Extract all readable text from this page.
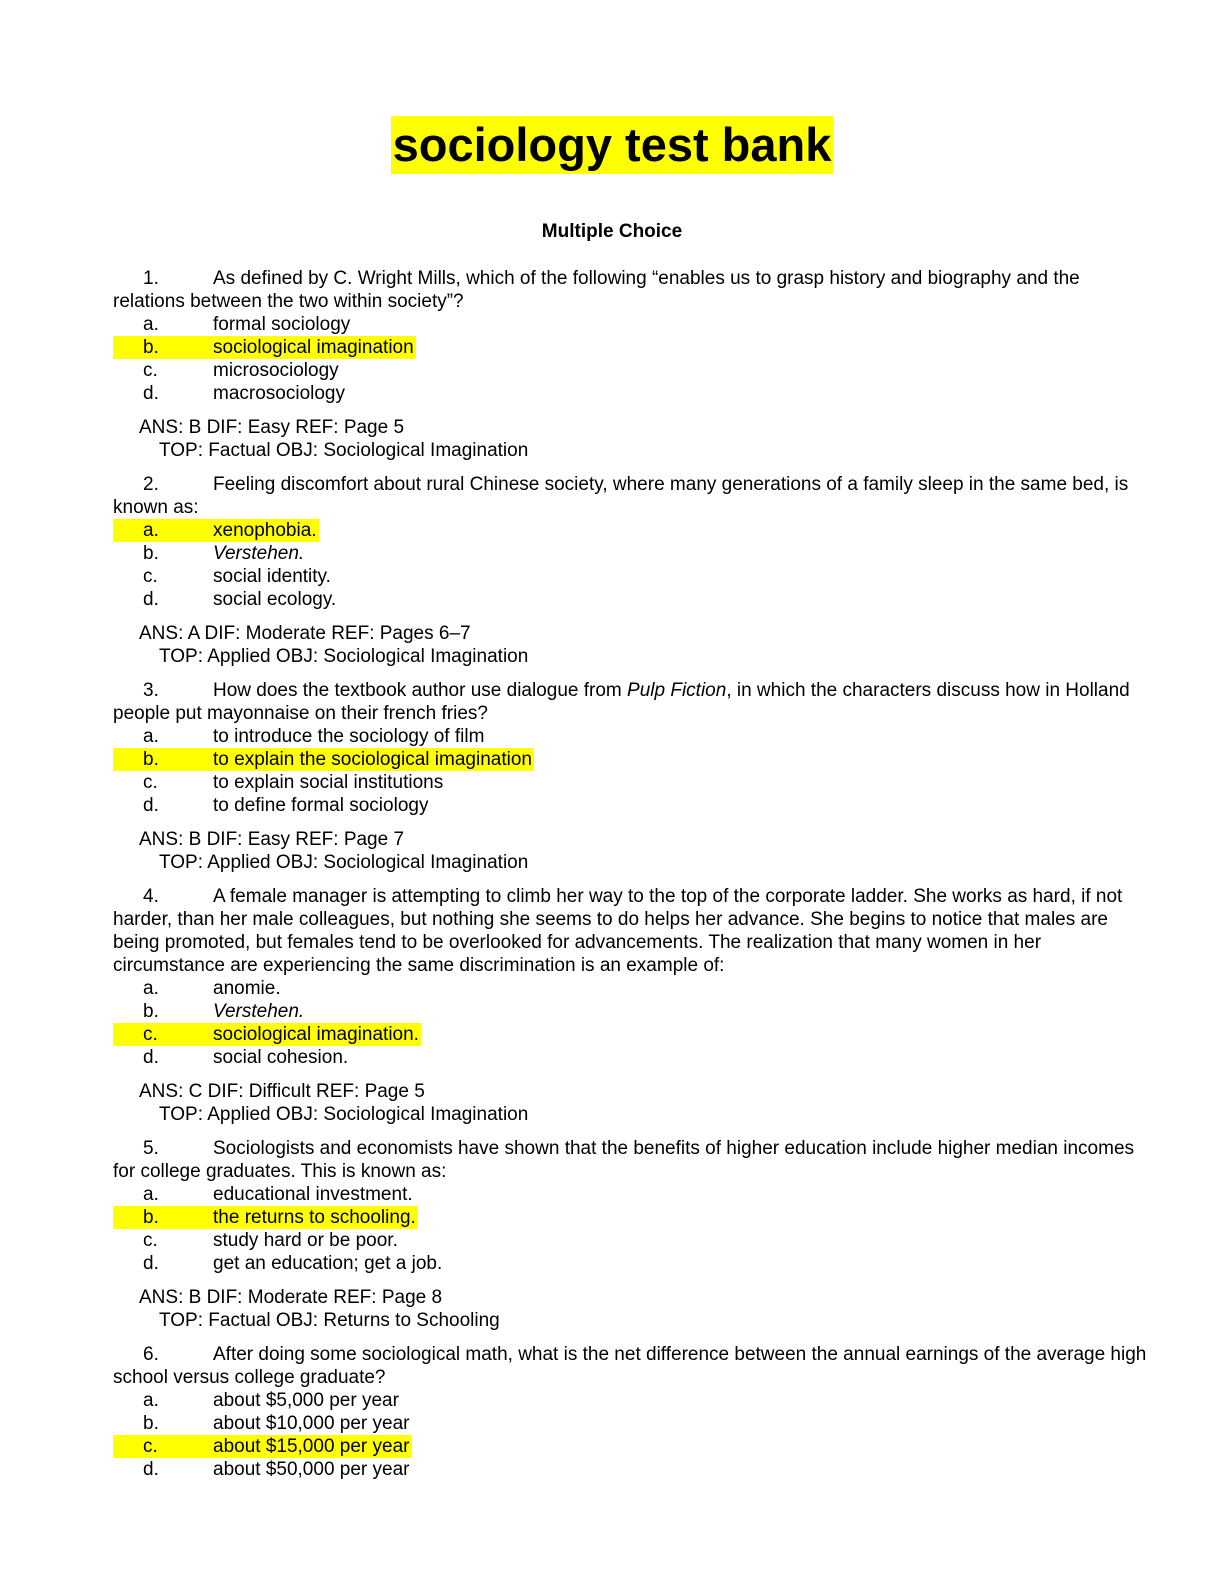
sociology test bank
Multiple Choice
1.	As defined by C. Wright Mills, which of the following “enables us to grasp history and biography and the relations between the two within society”?
a.	formal sociology
b.	sociological imagination
c.	microsociology
d.	macrosociology
ANS: B DIF: Easy REF: Page 5
TOP: Factual OBJ: Sociological Imagination
2.	Feeling discomfort about rural Chinese society, where many generations of a family sleep in the same bed, is known as:
a.	xenophobia.
b.	Verstehen.
c.	social identity.
d.	social ecology.
ANS: A DIF: Moderate REF: Pages 6–7
TOP: Applied OBJ: Sociological Imagination
3.	How does the textbook author use dialogue from Pulp Fiction, in which the characters discuss how in Holland people put mayonnaise on their french fries?
a.	to introduce the sociology of film
b.	to explain the sociological imagination
c.	to explain social institutions
d.	to define formal sociology
ANS: B DIF: Easy REF: Page 7
TOP: Applied OBJ: Sociological Imagination
4.	A female manager is attempting to climb her way to the top of the corporate ladder. She works as hard, if not harder, than her male colleagues, but nothing she seems to do helps her advance. She begins to notice that males are being promoted, but females tend to be overlooked for advancements. The realization that many women in her circumstance are experiencing the same discrimination is an example of:
a.	anomie.
b.	Verstehen.
c.	sociological imagination.
d.	social cohesion.
ANS: C DIF: Difficult REF: Page 5
TOP: Applied OBJ: Sociological Imagination
5.	Sociologists and economists have shown that the benefits of higher education include higher median incomes for college graduates. This is known as:
a.	educational investment.
b.	the returns to schooling.
c.	study hard or be poor.
d.	get an education; get a job.
ANS: B DIF: Moderate REF: Page 8
TOP: Factual OBJ: Returns to Schooling
6.	After doing some sociological math, what is the net difference between the annual earnings of the average high school versus college graduate?
a.	about $5,000 per year
b.	about $10,000 per year
c.	about $15,000 per year
d.	about $50,000 per year
